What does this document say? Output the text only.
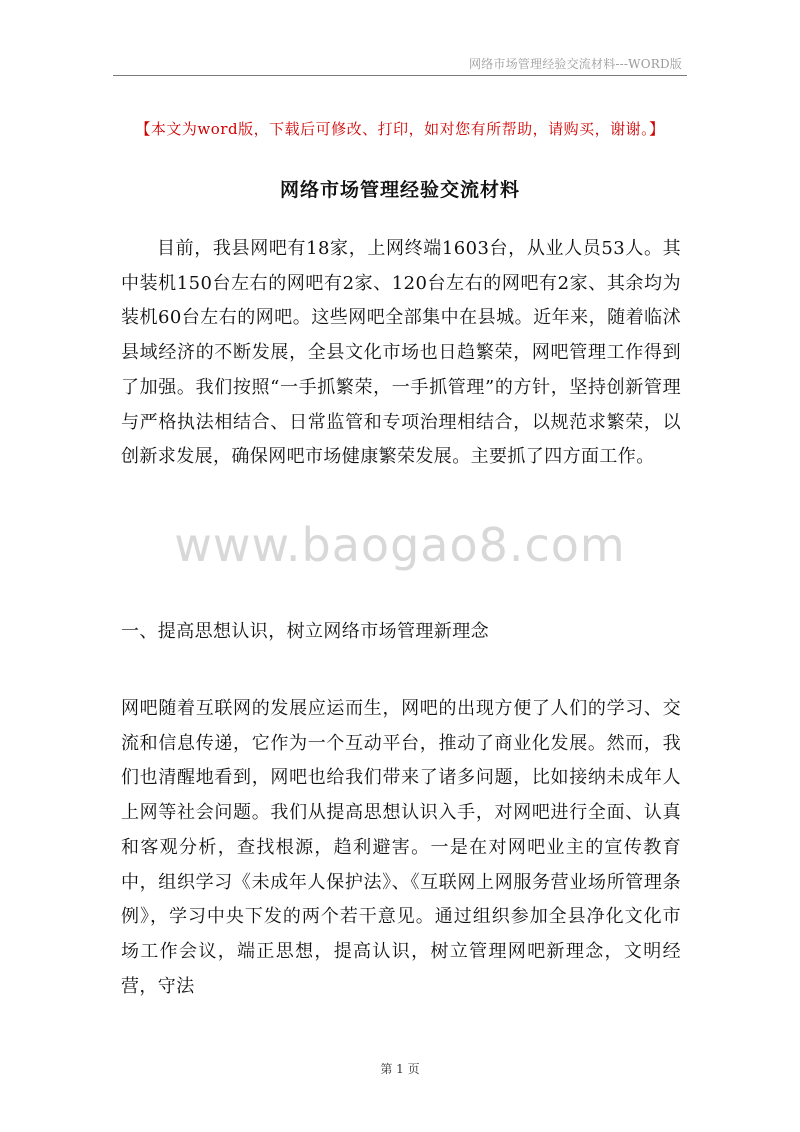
网络市场管理经验交流材料---WORD版
【本文为word版，下载后可修改、打印，如对您有所帮助，请购买，谢谢。】
网络市场管理经验交流材料

目前，我县网吧有18家，上网终端1603台，从业人员53人。其中装机150台左右的网吧有2家、120台左右的网吧有2家、其余均为装机60台左右的网吧。这些网吧全部集中在县城。近年来，随着临沭县域经济的不断发展，全县文化市场也日趋繁荣，网吧管理工作得到了加强。我们按照“一手抓繁荣，一手抓管理”的方针，坚持创新管理与严格执法相结合、日常监管和专项治理相结合，以规范求繁荣，以创新求发展，确保网吧市场健康繁荣发展。主要抓了四方面工作。

www.baogao8.com

一、提高思想认识，树立网络市场管理新理念

网吧随着互联网的发展应运而生，网吧的出现方便了人们的学习、交流和信息传递，它作为一个互动平台，推动了商业化发展。然而，我们也清醒地看到，网吧也给我们带来了诸多问题，比如接纳未成年人上网等社会问题。我们从提高思想认识入手，对网吧进行全面、认真和客观分析，查找根源，趋利避害。一是在对网吧业主的宣传教育中，组织学习《未成年人保护法》、《互联网上网服务营业场所管理条例》，学习中央下发的两个若干意见。通过组织参加全县净化文化市场工作会议，端正思想，提高认识，树立管理网吧新理念，文明经营，守法

第 1 页
